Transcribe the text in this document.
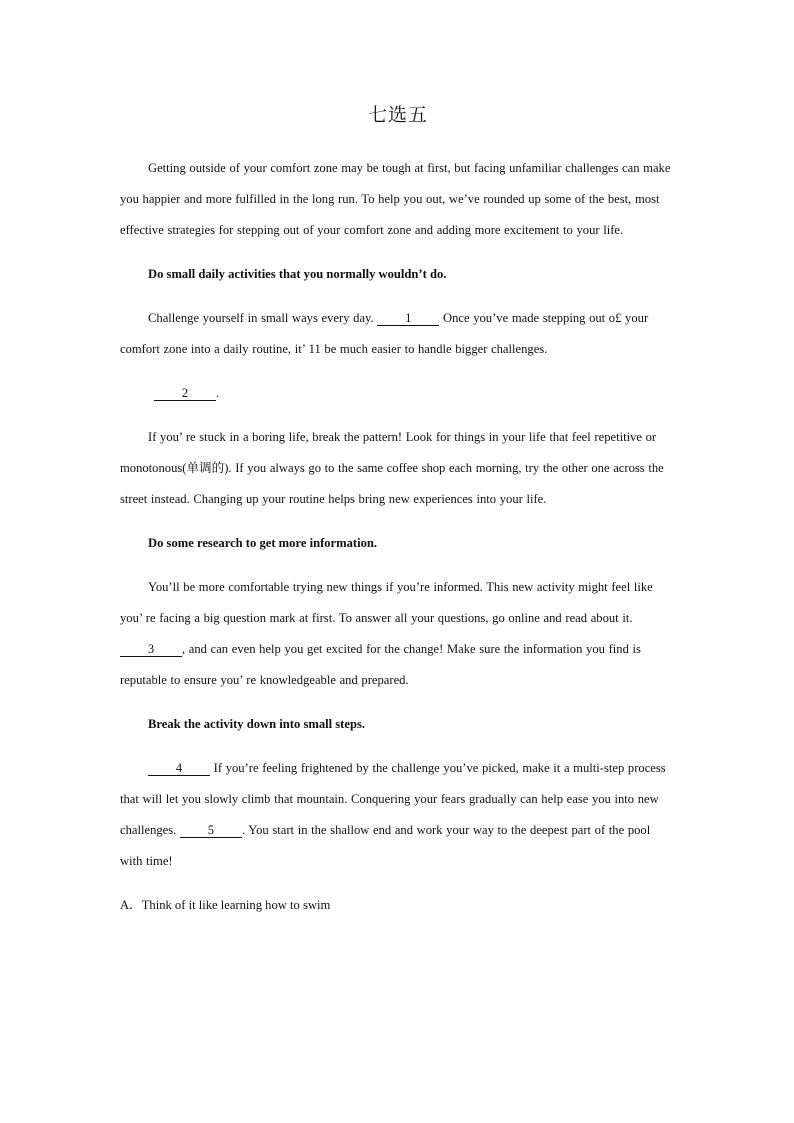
七选五

Getting outside of your comfort zone may be tough at first, but facing unfamiliar challenges can make you happier and more fulfilled in the long run. To help you out, we’ve rounded up some of the best, most effective strategies for stepping out of your comfort zone and adding more excitement to your life.

Do small daily activities that you normally wouldn’t do.

Challenge yourself in small ways every day.	1	Once you’ve made stepping out o£ your comfort zone into a daily routine, it’ 11 be much easier to handle bigger challenges.

2 .

If you’ re stuck in a boring life, break the pattern! Look for things in your life that feel repetitive or monotonous(单调的). If you always go to the same coffee shop each morning, try the other one across the street instead. Changing up your routine helps bring new experiences into your life.

Do some research to get more information.

You’ll be more comfortable trying new things if you’re informed. This new activity might feel like you’ re facing a big question mark at first. To answer all your questions, go online and read about it. 3 , and can even help you get excited for the change! Make sure the information you find is reputable to ensure you’ re knowledgeable and prepared.

Break the activity down into small steps.

4	If you’re feeling frightened by the challenge you’ve picked, make it a multi-step process that will let you slowly climb that mountain. Conquering your fears gradually can help ease you into new challenges.	5 . You start in the shallow end and work your way to the deepest part of the pool with time!

A．Think of it like learning how to swim
